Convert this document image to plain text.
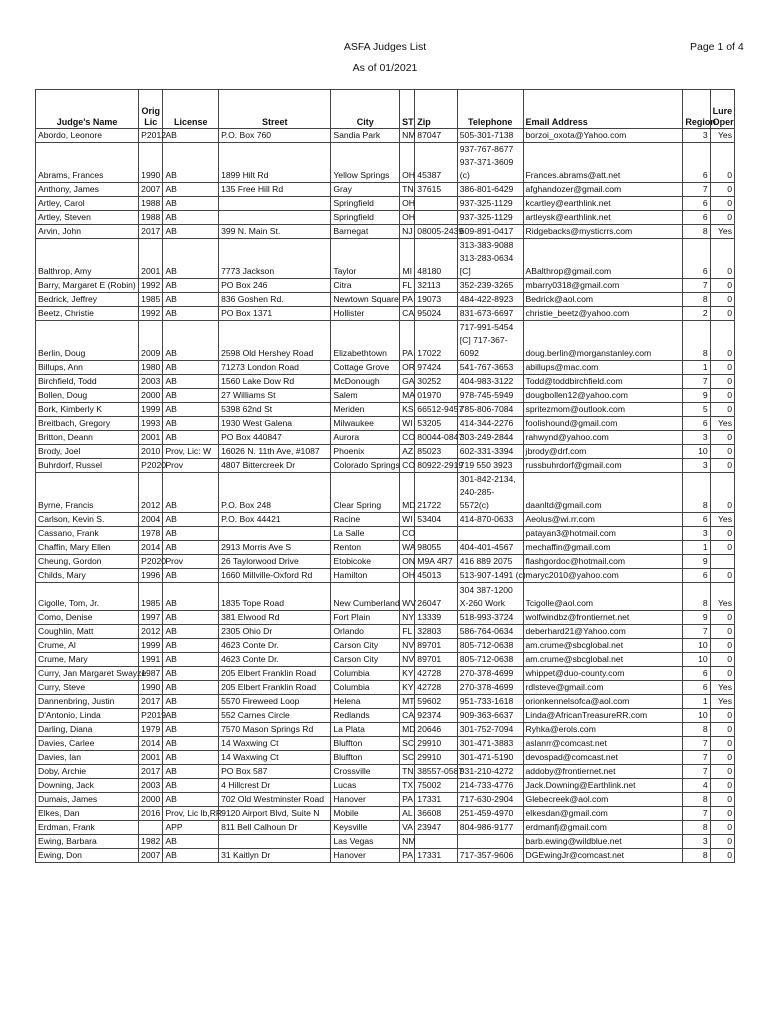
ASFA Judges List
As of 01/2021
Page 1 of 4
Judge's Name	Orig Lic	License	Street	City	ST	Zip	Telephone	Email Address	Region	Lure Oper
Abordo, Leonore	P2012	AB	P.O. Box 760	Sandia Park	NM	87047	505-301-7138	borzoi_oxota@Yahoo.com	3	Yes
Abrams, Frances	1990	AB	1899 Hilt Rd	Yellow Springs	OH	45387	937-767-8677 937-371-3609 (c)	Frances.abrams@att.net	6	0
Anthony, James	2007	AB	135 Free Hill Rd	Gray	TN	37615	386-801-6429	afghandozer@gmail.com	7	0
Artley, Carol	1988	AB		Springfield	OH		937-325-1129	kcartley@earthlink.net	6	0
Artley, Steven	1988	AB		Springfield	OH		937-325-1129	artleysk@earthlink.net	6	0
Arvin, John	2017	AB	399 N. Main St.	Barnegat	NJ	08005-2439	609-891-0417	Ridgebacks@mysticrrs.com	8	Yes
Balthrop, Amy	2001	AB	7773 Jackson	Taylor	MI	48180	313-383-9088 313-283-0634 [C]	ABalthrop@gmail.com	6	0
Barry, Margaret E (Robin)	1992	AB	PO Box 246	Citra	FL	32113	352-239-3265	mbarry0318@gmail.com	7	0
Bedrick, Jeffrey	1985	AB	836 Goshen Rd.	Newtown Square	PA	19073	484-422-8923	Bedrick@aol.com	8	0
Beetz, Christie	1992	AB	PO Box 1371	Hollister	CA	95024	831-673-6697	christie_beetz@yahoo.com	2	0
Berlin, Doug	2009	AB	2598 Old Hershey Road	Elizabethtown	PA	17022	717-991-5454 [C] 717-367-6092	doug.berlin@morganstanley.com	8	0
Billups, Ann	1980	AB	71273 London Road	Cottage Grove	OR	97424	541-767-3653	abillups@mac.com	1	0
Birchfield, Todd	2003	AB	1560 Lake Dow Rd	McDonough	GA	30252	404-983-3122	Todd@toddbirchfield.com	7	0
Bollen, Doug	2000	AB	27 Williams St	Salem	MA	01970	978-745-5949	dougbollen12@yahoo.com	9	0
Bork, Kimberly K	1999	AB	5398 62nd St	Meriden	KS	66512-9457	785-806-7084	spritezmom@outlook.com	5	0
Breitbach, Gregory	1993	AB	1930 West Galena	Milwaukee	WI	53205	414-344-2276	foolishound@gmail.com	6	Yes
Britton, Deann	2001	AB	PO Box 440847	Aurora	CO	80044-0847	303-249-2844	rahwynd@yahoo.com	3	0
Brody, Joel	2010	Prov, Lic: W	16026 N. 11th Ave, #1087	Phoenix	AZ	85023	602-331-3394	jbrody@drf.com	10	0
Buhrdorf, Russel	P2020	Prov	4807 Bittercreek Dr	Colorado Springs	CO	80922-2919	719 550 3923	russbuhrdorf@gmail.com	3	0
Byrne, Francis	2012	AB	P.O. Box 248	Clear Spring	MD	21722	301-842-2134, 240-285-5572(c)	daanltd@gmail.com	8	0
Carlson, Kevin S.	2004	AB	P.O. Box 44421	Racine	WI	53404	414-870-0633	Aeolus@wi.rr.com	6	Yes
Cassano, Frank	1978	AB		La Salle	CO			patayan3@hotmail.com	3	0
Chaffin, Mary Ellen	2014	AB	2913 Morris Ave S	Renton	WA	98055	404-401-4567	mechaffin@gmail.com	1	0
Cheung, Gordon	P2020	Prov	26 Taylorwood Drive	Etobicoke	ON	M9A 4R7	416 889 2075	flashgordoc@hotmail.com	9	
Childs, Mary	1996	AB	1660 Millville-Oxford Rd	Hamilton	OH	45013	513-907-1491 (c)	maryc2010@yahoo.com	6	0
Cigolle, Tom, Jr.	1985	AB	1835 Tope Road	New Cumberland	WV	26047	304 387-1200 X-260 Work	Tcigolle@aol.com	8	Yes
Como, Denise	1997	AB	381 Elwood Rd	Fort Plain	NY	13339	518-993-3724	wolfwindbz@frontiernet.net	9	0
Coughlin, Matt	2012	AB	2305 Ohio Dr	Orlando	FL	32803	586-764-0634	deberhard21@Yahoo.com	7	0
Crume, Al	1999	AB	4623 Conte Dr.	Carson City	NV	89701	805-712-0638	am.crume@sbcglobal.net	10	0
Crume, Mary	1991	AB	4623 Conte Dr.	Carson City	NV	89701	805-712-0638	am.crume@sbcglobal.net	10	0
Curry, Jan Margaret Swayze	1987	AB	205 Elbert Franklin Road	Columbia	KY	42728	270-378-4699	whippet@duo-county.com	6	0
Curry, Steve	1990	AB	205 Elbert Franklin Road	Columbia	KY	42728	270-378-4699	rdlsteve@gmail.com	6	Yes
Dannenbring, Justin	2017	AB	5570 Fireweed Loop	Helena	MT	59602	951-733-1618	orionkennelsofca@aol.com	1	Yes
D'Antonio, Linda	P2019	AB	552 Carnes Circle	Redlands	CA	92374	909-363-6637	Linda@AfricanTreasureRR.com	10	0
Darling, Diana	1979	AB	7570 Mason Springs Rd	La Plata	MD	20646	301-752-7094	Ryhka@erols.com	8	0
Davies, Carlee	2014	AB	14 Waxwing Ct	Bluffton	SC	29910	301-471-3883	aslanrr@comcast.net	7	0
Davies, Ian	2001	AB	14 Waxwing Ct	Bluffton	SC	29910	301-471-5190	devospad@comcast.net	7	0
Doby, Archie	2017	AB	PO Box 587	Crossville	TN	38557-0587	931-210-4272	addoby@frontiernet.net	7	0
Downing, Jack	2003	AB	4 Hillcrest Dr	Lucas	TX	75002	214-733-4776	Jack.Downing@Earthlink.net	4	0
Dumais, James	2000	AB	702 Old Westminster Road	Hanover	PA	17331	717-630-2904	Glebecreek@aol.com	8	0
Elkes, Dan	2016	Prov, Lic lb,RR	9120 Airport Blvd, Suite N	Mobile	AL	36608	251-459-4970	elkesdan@gmail.com	7	0
Erdman, Frank		APP	811 Bell Calhoun Dr	Keysville	VA	23947	804-986-9177	erdmanfj@gmail.com	8	0
Ewing, Barbara	1982	AB		Las Vegas	NM			barb.ewing@wildblue.net	3	0
Ewing, Don	2007	AB	31 Kaitlyn Dr	Hanover	PA	17331	717-357-9606	DGEwingJr@comcast.net	8	0
